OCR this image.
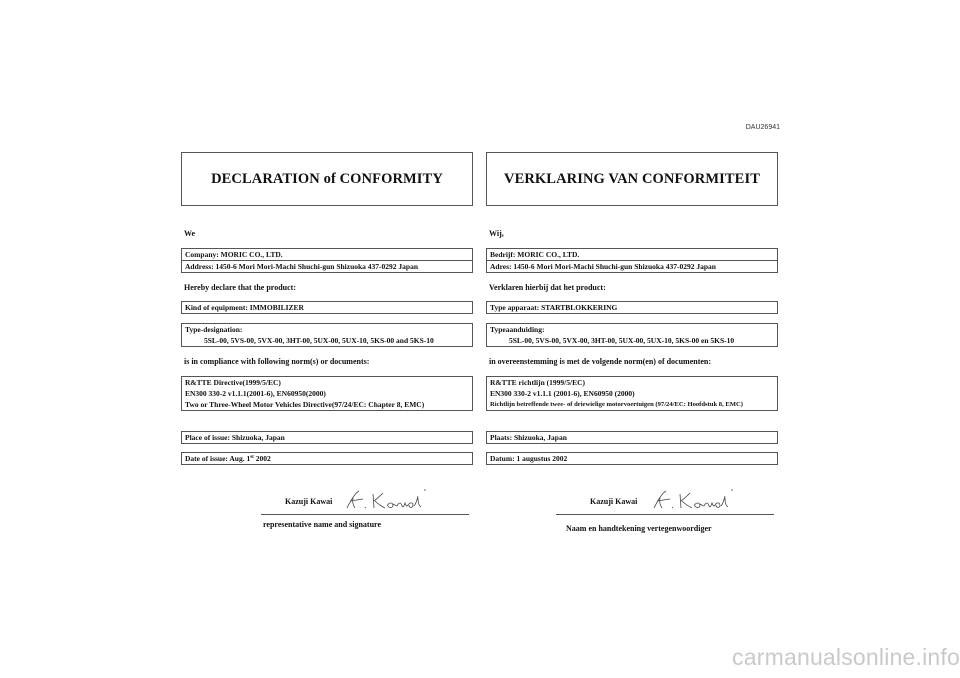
DAU26941
DECLARATION of CONFORMITY
We
Company: MORIC CO., LTD.
Address: 1450-6 Mori Mori-Machi Shuchi-gun Shizuoka 437-0292 Japan
Hereby declare that the product:
Kind of equipment: IMMOBILIZER
Type-designation:
5SL-00, 5VS-00, 5VX-00, 3HT-00, 5UX-00, 5UX-10, 5KS-00 and 5KS-10
is in compliance with following norm(s) or documents:
R&TTE Directive(1999/5/EC)
EN300 330-2 v1.1.1(2001-6), EN60950(2000)
Two or Three-Wheel Motor Vehicles Directive(97/24/EC: Chapter 8, EMC)
Place of issue: Shizuoka, Japan
Date of issue: Aug. 1st 2002
Kazuji Kawai
representative name and signature
VERKLARING VAN CONFORMITEIT
Wij,
Bedrijf: MORIC CO., LTD.
Adres: 1450-6 Mori Mori-Machi Shuchi-gun Shizuoka 437-0292 Japan
Verklaren hierbij dat het product:
Type apparaat: STARTBLOKKERING
Typeaanduiding:
5SL-00, 5VS-00, 5VX-00, 3HT-00, 5UX-00, 5UX-10, 5KS-00 en 5KS-10
in overeenstemming is met de volgende norm(en) of documenten:
R&TTE richtlijn (1999/5/EC)
EN300 330-2 v1.1.1 (2001-6), EN60950 (2000)
Richtlijn betreffende twee- of driewielige motorvoertuigen (97/24/EC: Hoofdstuk 8, EMC)
Plaats: Shizuoka, Japan
Datum: 1 augustus 2002
Kazuji Kawai
Naam en handtekening vertegenwoordiger
carmanualsonline.info
